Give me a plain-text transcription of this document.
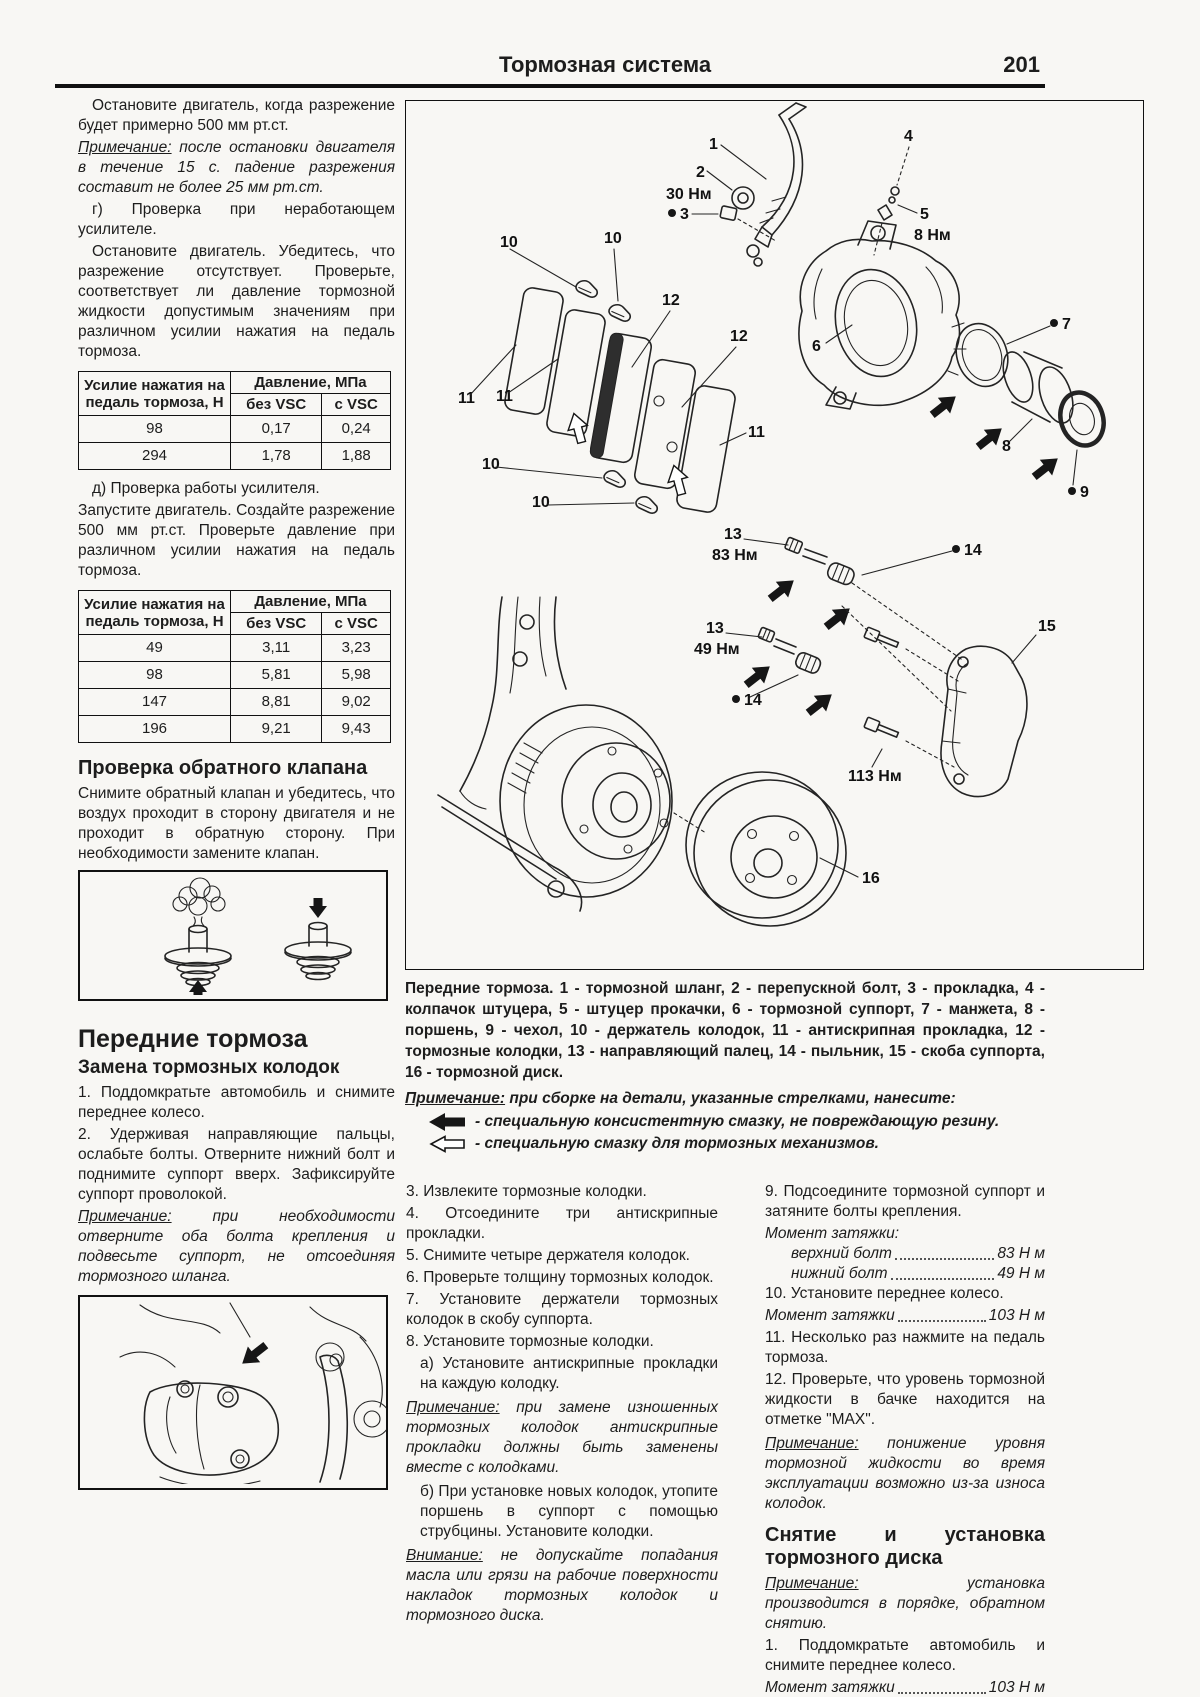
Тормозная система	201

Остановите двигатель, когда разрежение будет примерно 500 мм рт.ст.

Примечание: после остановки двигателя в течение 15 с. падение разрежения составит не более 25 мм рт.ст.

г) Проверка при неработающем усилителе.

Остановите двигатель. Убедитесь, что разрежение отсутствует. Проверьте, соответствует ли давление тормозной жидкости допустимым значениям при различном усилии нажатия на педаль тормоза.

Усилие нажатия на педаль тормоза, Н	Давление, МПа	
	без VSC	с VSC
98	0,17	0,24
294	1,78	1,88

д) Проверка работы усилителя.

Запустите двигатель. Создайте разрежение 500 мм рт.ст. Проверьте давление при различном усилии нажатия на педаль тормоза.

Усилие нажатия на педаль тормоза, Н	Давление, МПа	
	без VSC	с VSC
49	3,11	3,23
98	5,81	5,98
147	8,81	9,02
196	9,21	9,43
Проверка обратного клапана

Снимите обратный клапан и убедитесь, что воздух проходит в сторону двигателя и не проходит в обратную сторону. При необходимости замените клапан.

Передние тормоза
Замена тормозных колодок

1. Поддомкратьте автомобиль и снимите переднее колесо.

2. Удерживая направляющие пальцы, ослабьте болты. Отверните нижний болт и поднимите суппорт вверх. Зафиксируйте суппорт проволокой.

Примечание: при необходимости отверните оба болта крепления и подвесьте суппорт, не отсоединяя тормозного шланга.

1
2
30 Нм
3
4
5
8 Нм
6
7
8
9
10	10
10
10
11 11
11
12
12
13
83 Нм	14
13
49 Нм
14
113 Нм
15
16
Передние тормоза. 1 - тормозной шланг, 2 - перепускной болт, 3 - прокладка, 4 - колпачок штуцера, 5 - штуцер прокачки, 6 - тормозной суппорт, 7 - манжета, 8 - поршень, 9 - чехол, 10 - держатель колодок, 11 - антискрипная прокладка, 12 - тормозные колодки, 13 - направляющий палец, 14 - пыльник, 15 - скоба суппорта, 16 - тормозной диск.
Примечание: при сборке на детали, указанные стрелками, нанесите:
- специальную консистентную смазку, не повреждающую резину.
- специальную смазку для тормозных механизмов.

3. Извлеките тормозные колодки.

4. Отсоедините три антискрипные прокладки.

5. Снимите четыре держателя колодок.

6. Проверьте толщину тормозных колодок.

7. Установите держатели тормозных колодок в скобу суппорта.

8. Установите тормозные колодки.

а) Установите антискрипные прокладки на каждую колодку.

Примечание: при замене изношенных тормозных колодок антискрипные прокладки должны быть заменены вместе с колодками.

б) При установке новых колодок, утопите поршень в суппорт с помощью струбцины. Установите колодки.

Внимание: не допускайте попадания масла или грязи на рабочие поверхности накладок тормозных колодок и тормозного диска.

9. Подсоедините тормозной суппорт и затяните болты крепления.

Момент затяжки:
верхний болт	83 Н м
нижний болт	49 Н м

10. Установите переднее колесо.

Момент затяжки	103 Н м

11. Несколько раз нажмите на педаль тормоза.

12. Проверьте, что уровень тормозной жидкости в бачке находится на отметке "MAX".

Примечание: понижение уровня тормозной жидкости во время эксплуатации возможно из-за износа колодок.

Снятие и установка тормозного диска

Примечание: установка производится в порядке, обратном снятию.

1. Поддомкратьте автомобиль и снимите переднее колесо.

Момент затяжки	103 Н м
